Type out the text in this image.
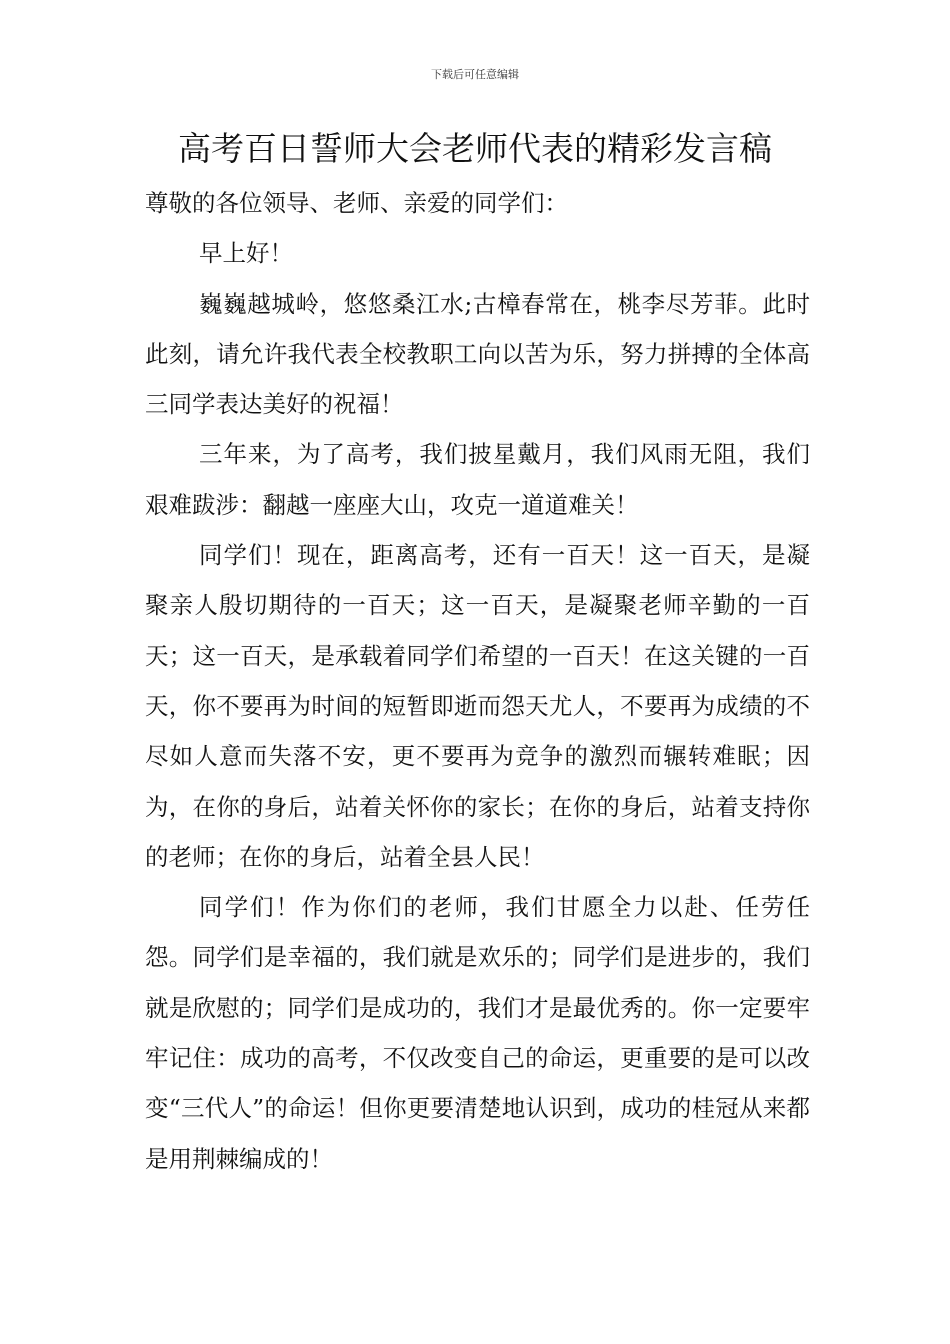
下载后可任意编辑
高考百日誓师大会老师代表的精彩发言稿

尊敬的各位领导、老师、亲爱的同学们：

早上好！

巍巍越城岭，悠悠桑江水;古樟春常在，桃李尽芳菲。此时此刻，请允许我代表全校教职工向以苦为乐，努力拼搏的全体高三同学表达美好的祝福！

三年来，为了高考，我们披星戴月，我们风雨无阻，我们艰难跋涉：翻越一座座大山，攻克一道道难关！

同学们！现在，距离高考，还有一百天！这一百天，是凝聚亲人殷切期待的一百天；这一百天，是凝聚老师辛勤的一百天；这一百天，是承载着同学们希望的一百天！在这关键的一百天，你不要再为时间的短暂即逝而怨天尤人，不要再为成绩的不尽如人意而失落不安，更不要再为竞争的激烈而辗转难眠；因为，在你的身后，站着关怀你的家长；在你的身后，站着支持你的老师；在你的身后，站着全县人民！

同学们！作为你们的老师，我们甘愿全力以赴、任劳任怨。同学们是幸福的，我们就是欢乐的；同学们是进步的，我们就是欣慰的；同学们是成功的，我们才是最优秀的。你一定要牢牢记住：成功的高考，不仅改变自己的命运，更重要的是可以改变“三代人”的命运！但你更要清楚地认识到，成功的桂冠从来都是用荆棘编成的！
